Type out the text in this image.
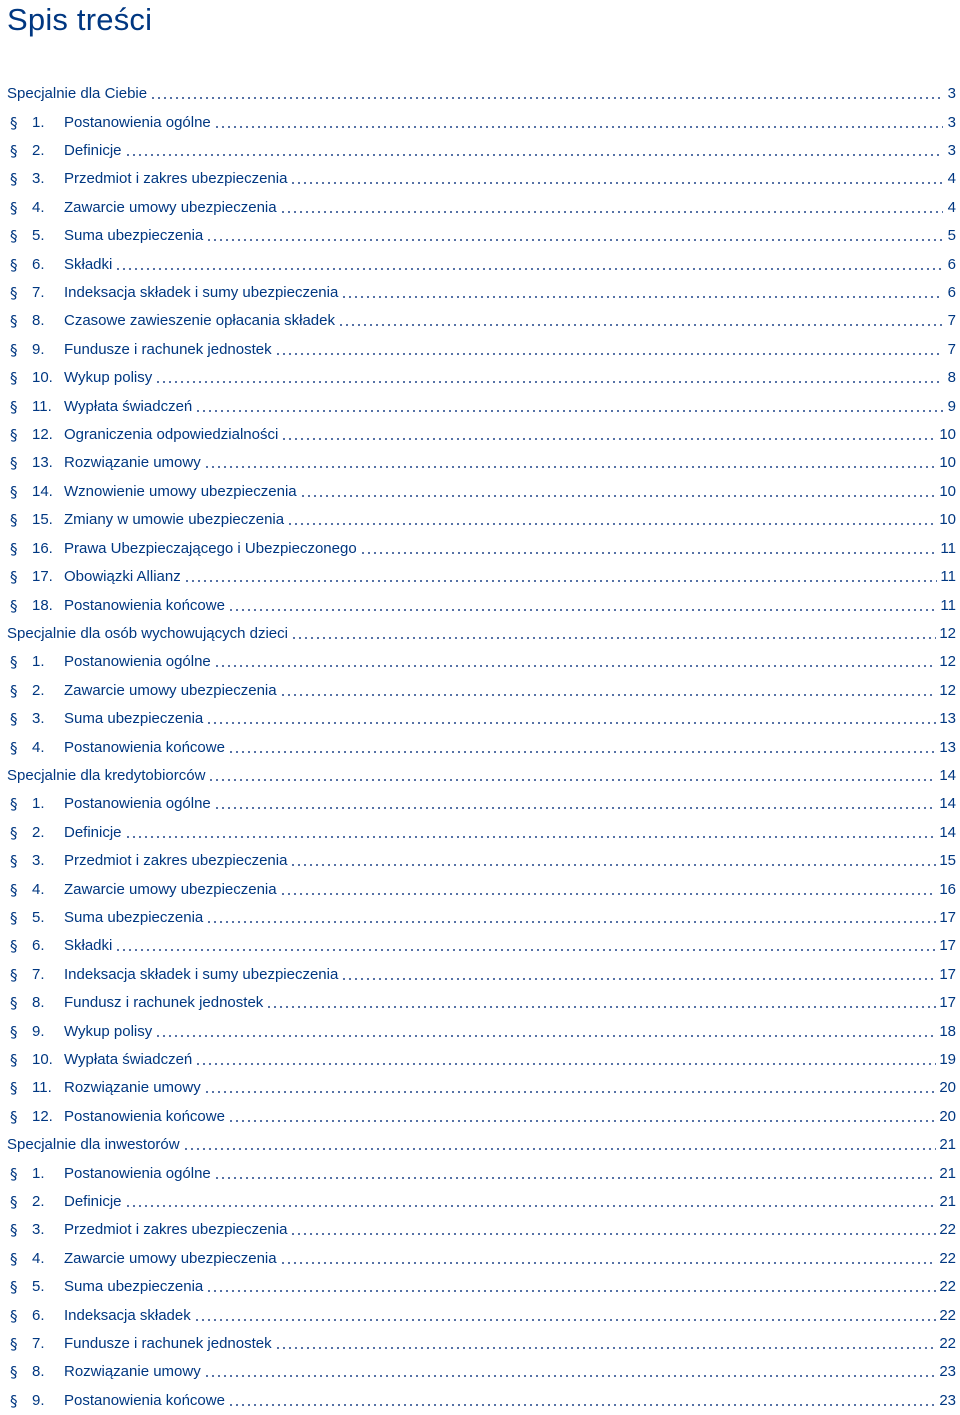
Spis treści
Specjalnie dla Ciebie	3
§ 1.	Postanowienia ogólne	3
§ 2.	Definicje	3
§ 3.	Przedmiot i zakres ubezpieczenia	4
§ 4.	Zawarcie umowy ubezpieczenia	4
§ 5.	Suma ubezpieczenia	5
§ 6.	Składki	6
§ 7.	Indeksacja składek i sumy ubezpieczenia	6
§ 8.	Czasowe zawieszenie opłacania składek	7
§ 9.	Fundusze i rachunek jednostek	7
§ 10. Wykup polisy	8
§ 11. Wypłata świadczeń	9
§ 12. Ograniczenia odpowiedzialności	10
§ 13. Rozwiązanie umowy	10
§ 14. Wznowienie umowy ubezpieczenia	10
§ 15. Zmiany w umowie ubezpieczenia	10
§ 16. Prawa Ubezpieczającego i Ubezpieczonego	11
§ 17. Obowiązki Allianz	11
§ 18. Postanowienia końcowe	11
Specjalnie dla osób wychowujących dzieci	12
§ 1.	Postanowienia ogólne	12
§ 2.	Zawarcie umowy ubezpieczenia	12
§ 3.	Suma ubezpieczenia	13
§ 4.	Postanowienia końcowe	13
Specjalnie dla kredytobiorców	14
§ 1.	Postanowienia ogólne	14
§ 2.	Definicje	14
§ 3.	Przedmiot i zakres ubezpieczenia	15
§ 4.	Zawarcie umowy ubezpieczenia	16
§ 5.	Suma ubezpieczenia	17
§ 6.	Składki	17
§ 7.	Indeksacja składek i sumy ubezpieczenia	17
§ 8.	Fundusz i rachunek jednostek	17
§ 9.	Wykup polisy	18
§ 10. Wypłata świadczeń	19
§ 11. Rozwiązanie umowy	20
§ 12. Postanowienia końcowe	20
Specjalnie dla inwestorów	21
§ 1.	Postanowienia ogólne	21
§ 2.	Definicje	21
§ 3.	Przedmiot i zakres ubezpieczenia	22
§ 4.	Zawarcie umowy ubezpieczenia	22
§ 5.	Suma ubezpieczenia	22
§ 6.	Indeksacja składek	22
§ 7.	Fundusze i rachunek jednostek	22
§ 8.	Rozwiązanie umowy	23
§ 9.	Postanowienia końcowe	23
